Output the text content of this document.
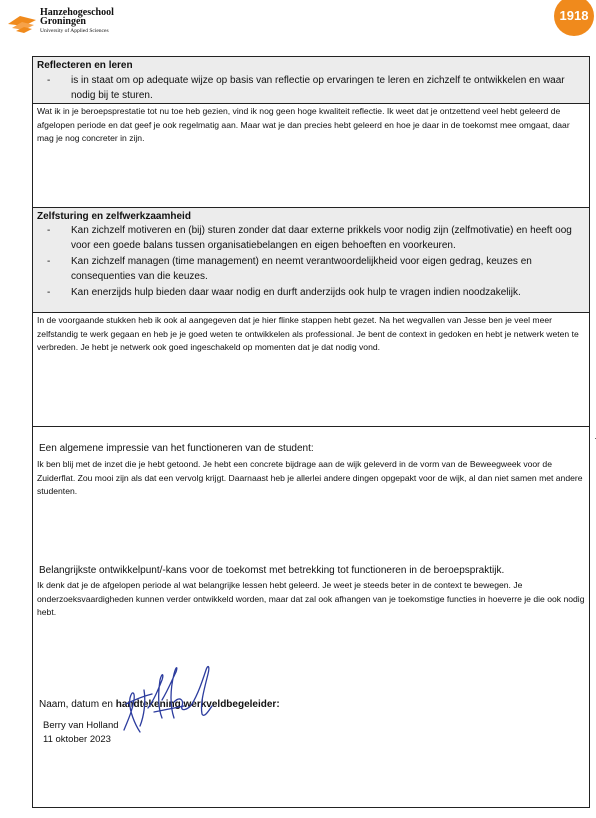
Hanzehogeschool
Groningen
University of Applied Sciences
1918
Reflecteren en leren
- is in staat om op adequate wijze op basis van reflectie op ervaringen te leren en zichzelf te ontwikkelen en waar nodig bij te sturen.
Wat ik in je beroepsprestatie tot nu toe heb gezien, vind ik nog geen hoge kwaliteit reflectie. Ik weet dat je ontzettend veel hebt geleerd de afgelopen periode en dat geef je ook regelmatig aan. Maar wat je dan precies hebt geleerd en hoe je daar in de toekomst mee omgaat, daar mag je nog concreter in zijn.
Zelfsturing en zelfwerkzaamheid
- Kan zichzelf motiveren en (bij) sturen zonder dat daar externe prikkels voor nodig zijn (zelfmotivatie) en heeft oog voor een goede balans tussen organisatiebelangen en eigen behoeften en voorkeuren.
- Kan zichzelf managen (time management) en neemt verantwoordelijkheid voor eigen gedrag, keuzes en consequenties van die keuzes.
- Kan enerzijds hulp bieden daar waar nodig en durft anderzijds ook hulp te vragen indien noodzakelijk.
In de voorgaande stukken heb ik ook al aangegeven dat je hier flinke stappen hebt gezet. Na het wegvallen van Jesse ben je veel meer zelfstandig te werk gegaan en heb je je goed weten te ontwikkelen als professional. Je bent de context in gedoken en hebt je netwerk weten te verbreden. Je hebt je netwerk ook goed ingeschakeld op momenten dat je dat nodig vond.
Een algemene impressie van het functioneren van de student:
Ik ben blij met de inzet die je hebt getoond. Je hebt een concrete bijdrage aan de wijk geleverd in de vorm van de Beweegweek voor de Zuiderflat. Zou mooi zijn als dat een vervolg krijgt. Daarnaast heb je allerlei andere dingen opgepakt voor de wijk, al dan niet samen met andere studenten.
Belangrijkste ontwikkelpunt/-kans voor de toekomst met betrekking tot functioneren in de beroepspraktijk.
Ik denk dat je de afgelopen periode al wat belangrijke lessen hebt geleerd. Je weet je steeds beter in de context te bewegen. Je onderzoeksvaardigheden kunnen verder ontwikkeld worden, maar dat zal ook afhangen van je toekomstige functies in hoeverre je die ook nodig hebt.
Naam, datum en handtekening werkveldbegeleider:
Berry van Holland
11 oktober 2023
